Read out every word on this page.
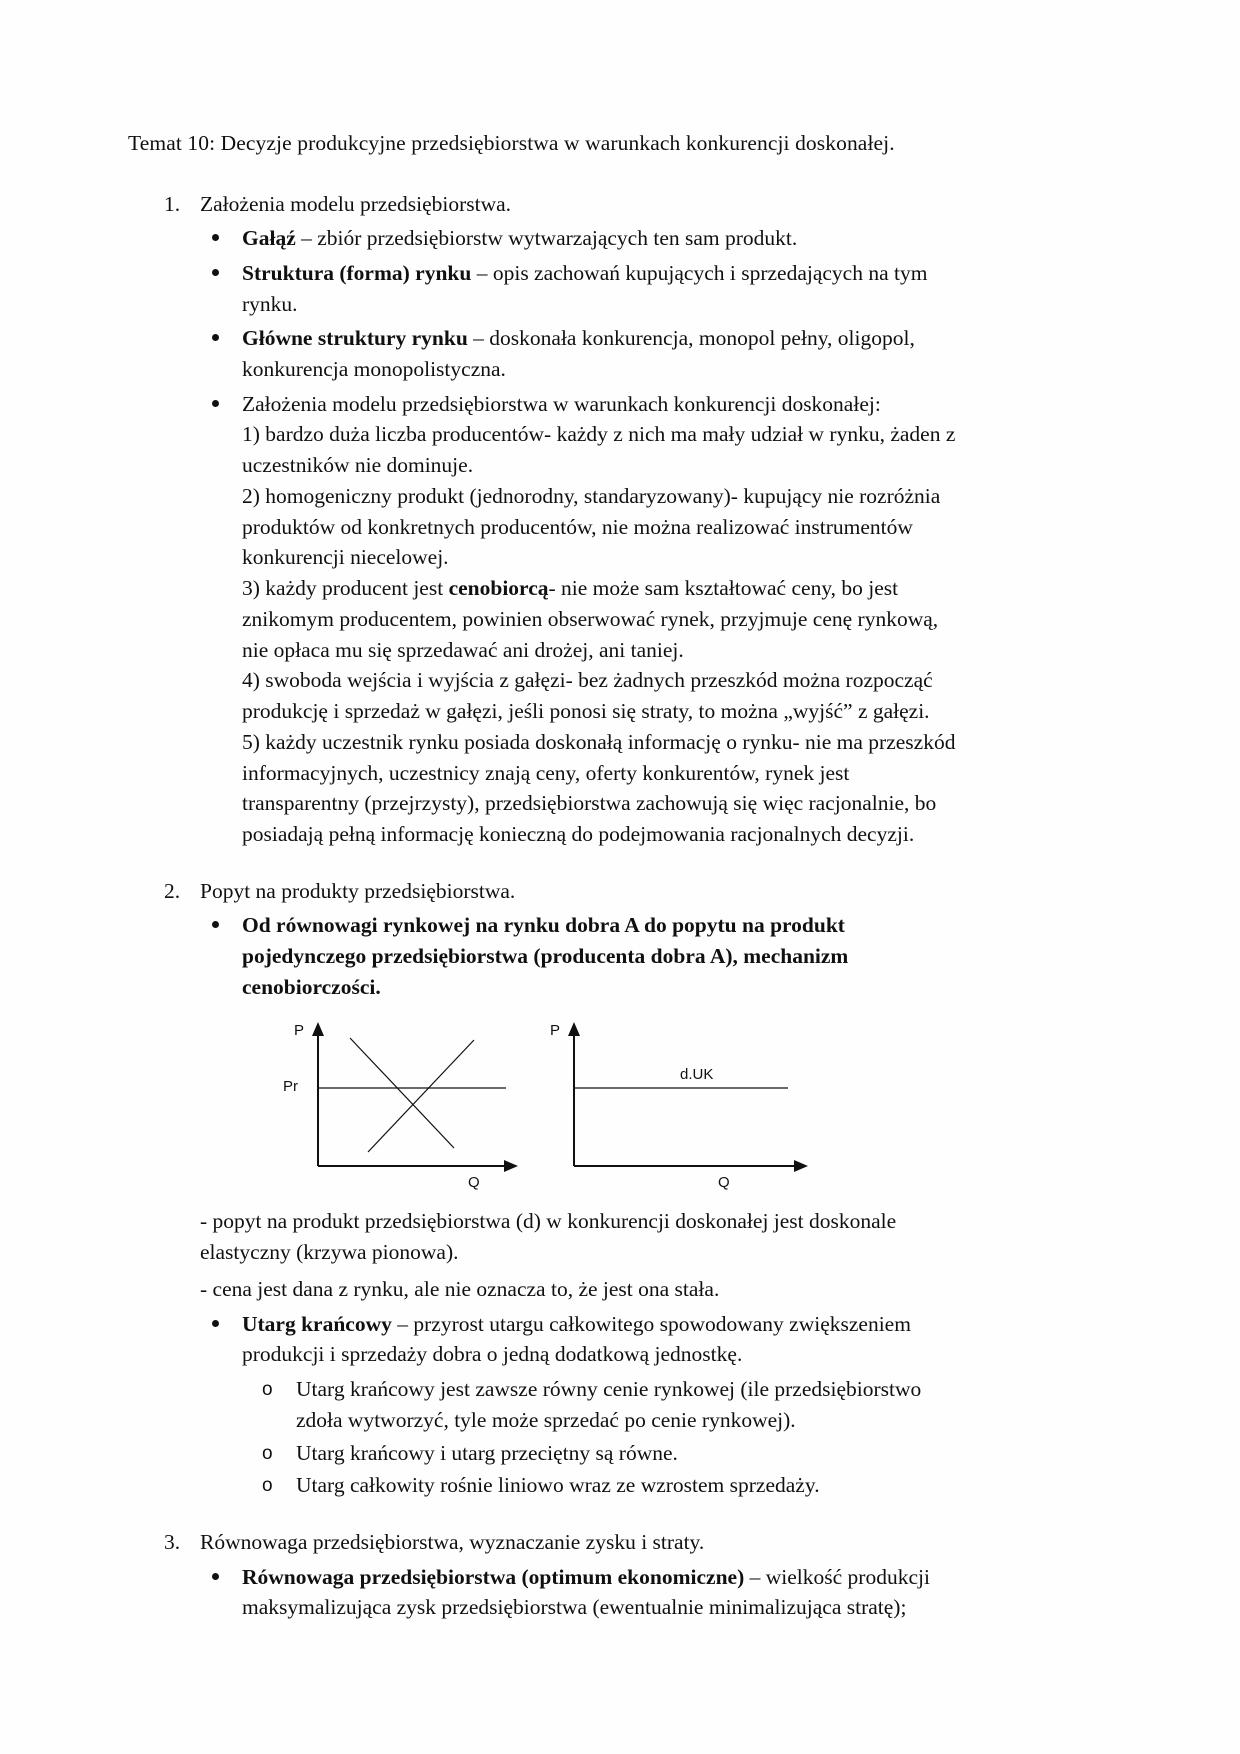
Temat 10: Decyzje produkcyjne przedsiębiorstwa w warunkach konkurencji doskonałej.

1. Założenia modelu przedsiębiorstwa.
Gałąź – zbiór przedsiębiorstw wytwarzających ten sam produkt.
Struktura (forma) rynku – opis zachowań kupujących i sprzedających na tym rynku.
Główne struktury rynku – doskonała konkurencja, monopol pełny, oligopol, konkurencja monopolistyczna.
Założenia modelu przedsiębiorstwa w warunkach konkurencji doskonałej:
1) bardzo duża liczba producentów- każdy z nich ma mały udział w rynku, żaden z uczestników nie dominuje.
2) homogeniczny produkt (jednorodny, standaryzowany)- kupujący nie rozróżnia produktów od konkretnych producentów, nie można realizować instrumentów konkurencji niecelowej.
3) każdy producent jest cenobiorcą- nie może sam kształtować ceny, bo jest znikomym producentem, powinien obserwować rynek, przyjmuje cenę rynkową, nie opłaca mu się sprzedawać ani drożej, ani taniej.
4) swoboda wejścia i wyjścia z gałęzi- bez żadnych przeszkód można rozpocząć produkcję i sprzedaż w gałęzi, jeśli ponosi się straty, to można „wyjść” z gałęzi.
5) każdy uczestnik rynku posiada doskonałą informację o rynku- nie ma przeszkód informacyjnych, uczestnicy znają ceny, oferty konkurentów, rynek jest transparentny (przejrzysty), przedsiębiorstwa zachowują się więc racjonalnie, bo posiadają pełną informację konieczną do podejmowania racjonalnych decyzji.
2. Popyt na produkty przedsiębiorstwa.
Od równowagi rynkowej na rynku dobra A do popytu na produkt pojedynczego przedsiębiorstwa (producenta dobra A), mechanizm cenobiorczości.
P
Pr
Q
P
d.UK
Q
- popyt na produkt przedsiębiorstwa (d) w konkurencji doskonałej jest doskonale elastyczny (krzywa pionowa).
- cena jest dana z rynku, ale nie oznacza to, że jest ona stała.
Utarg krańcowy – przyrost utargu całkowitego spowodowany zwiększeniem produkcji i sprzedaży dobra o jedną dodatkową jednostkę.
o Utarg krańcowy jest zawsze równy cenie rynkowej (ile przedsiębiorstwo zdoła wytworzyć, tyle może sprzedać po cenie rynkowej).
o Utarg krańcowy i utarg przeciętny są równe.
o Utarg całkowity rośnie liniowo wraz ze wzrostem sprzedaży.
3. Równowaga przedsiębiorstwa, wyznaczanie zysku i straty.
Równowaga przedsiębiorstwa (optimum ekonomiczne) – wielkość produkcji maksymalizująca zysk przedsiębiorstwa (ewentualnie minimalizująca stratę);
